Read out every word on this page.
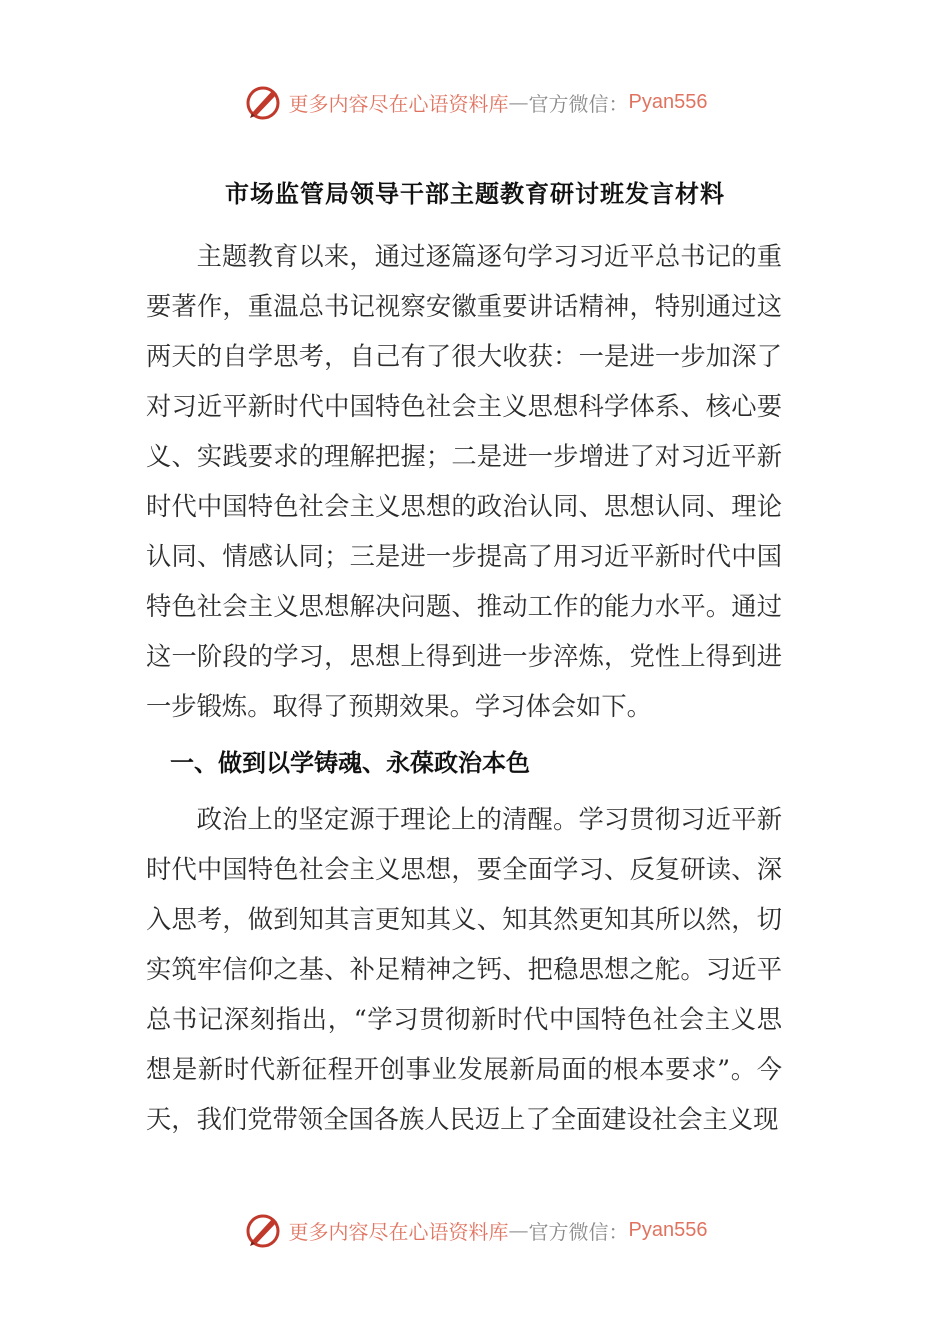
更多内容尽在心语资料库 — 官方微信： Pyan556
市场监管局领导干部主题教育研讨班发言材料

主题教育以来，通过逐篇逐句学习习近平总书记的重要著作，重温总书记视察安徽重要讲话精神，特别通过这两天的自学思考，自己有了很大收获：一是进一步加深了对习近平新时代中国特色社会主义思想科学体系、核心要义、实践要求的理解把握；二是进一步增进了对习近平新时代中国特色社会主义思想的政治认同、思想认同、理论认同、情感认同；三是进一步提高了用习近平新时代中国特色社会主义思想解决问题、推动工作的能力水平。通过这一阶段的学习，思想上得到进一步淬炼，党性上得到进一步锻炼。取得了预期效果。学习体会如下。

一、做到以学铸魂、永葆政治本色

政治上的坚定源于理论上的清醒。学习贯彻习近平新时代中国特色社会主义思想，要全面学习、反复研读、深入思考，做到知其言更知其义、知其然更知其所以然，切实筑牢信仰之基、补足精神之钙、把稳思想之舵。习近平总书记深刻指出，“学习贯彻新时代中国特色社会主义思想是新时代新征程开创事业发展新局面的根本要求”。今天，我们党带领全国各族人民迈上了全面建设社会主义现

更多内容尽在心语资料库 — 官方微信： Pyan556
